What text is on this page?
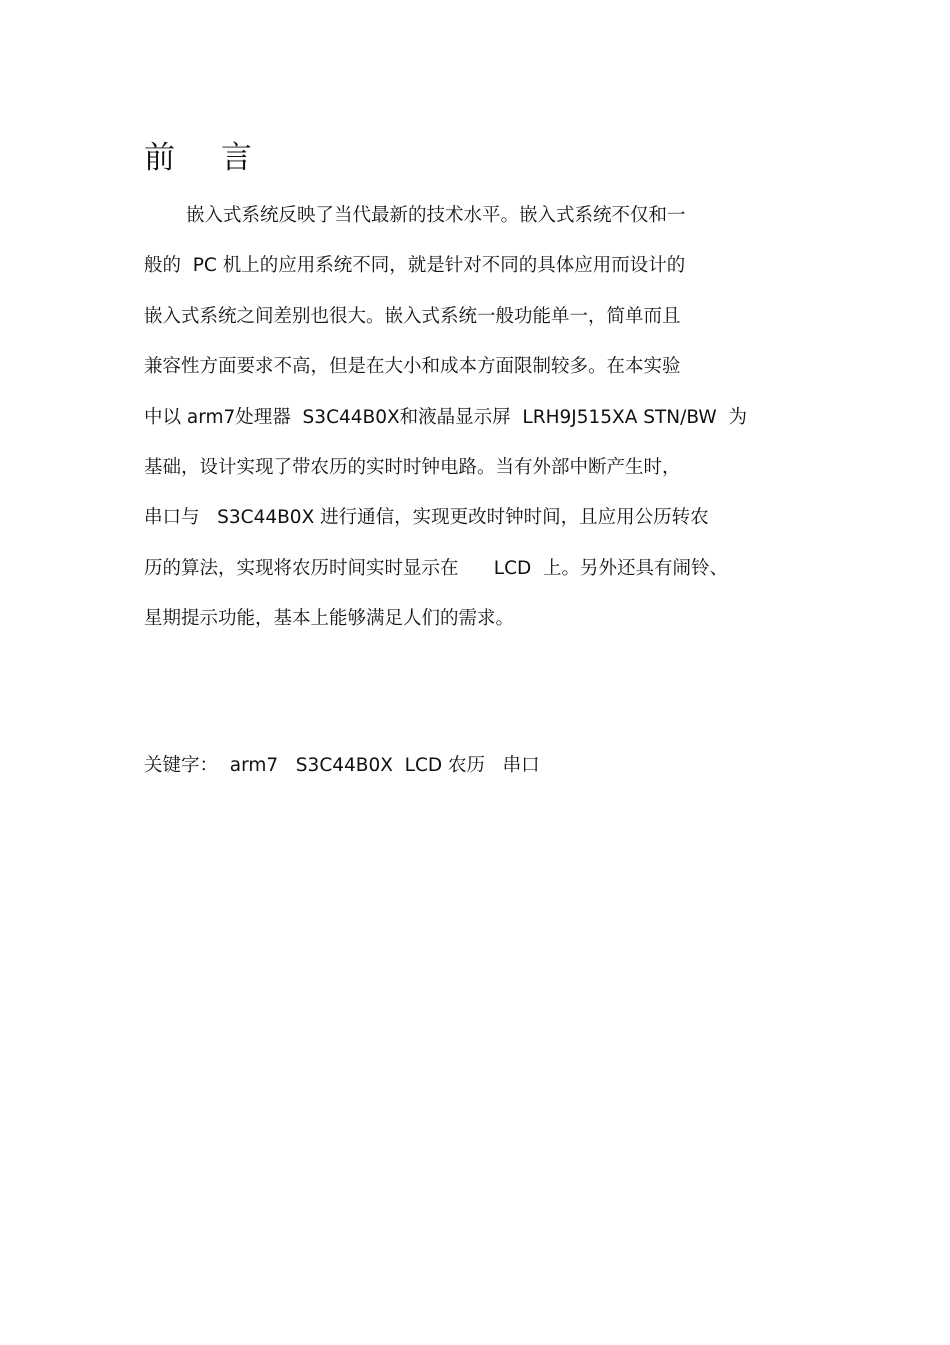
前 言
嵌入式系统反映了当代最新的技术水平。嵌入式系统不仅和一
般的  PC 机上的应用系统不同，就是针对不同的具体应用而设计的
嵌入式系统之间差别也很大。嵌入式系统一般功能单一，简单而且
兼容性方面要求不高，但是在大小和成本方面限制较多。在本实验
中以 arm7处理器  S3C44B0X和液晶显示屏  LRH9J515XA STN/BW  为
基础，设计实现了带农历的实时时钟电路。当有外部中断产生时，
串口与   S3C44B0X 进行通信，实现更改时钟时间，且应用公历转农
历的算法，实现将农历时间实时显示在      LCD  上。另外还具有闹铃、
星期提示功能，基本上能够满足人们的需求。
关键字：  arm7   S3C44B0X  LCD 农历   串口
